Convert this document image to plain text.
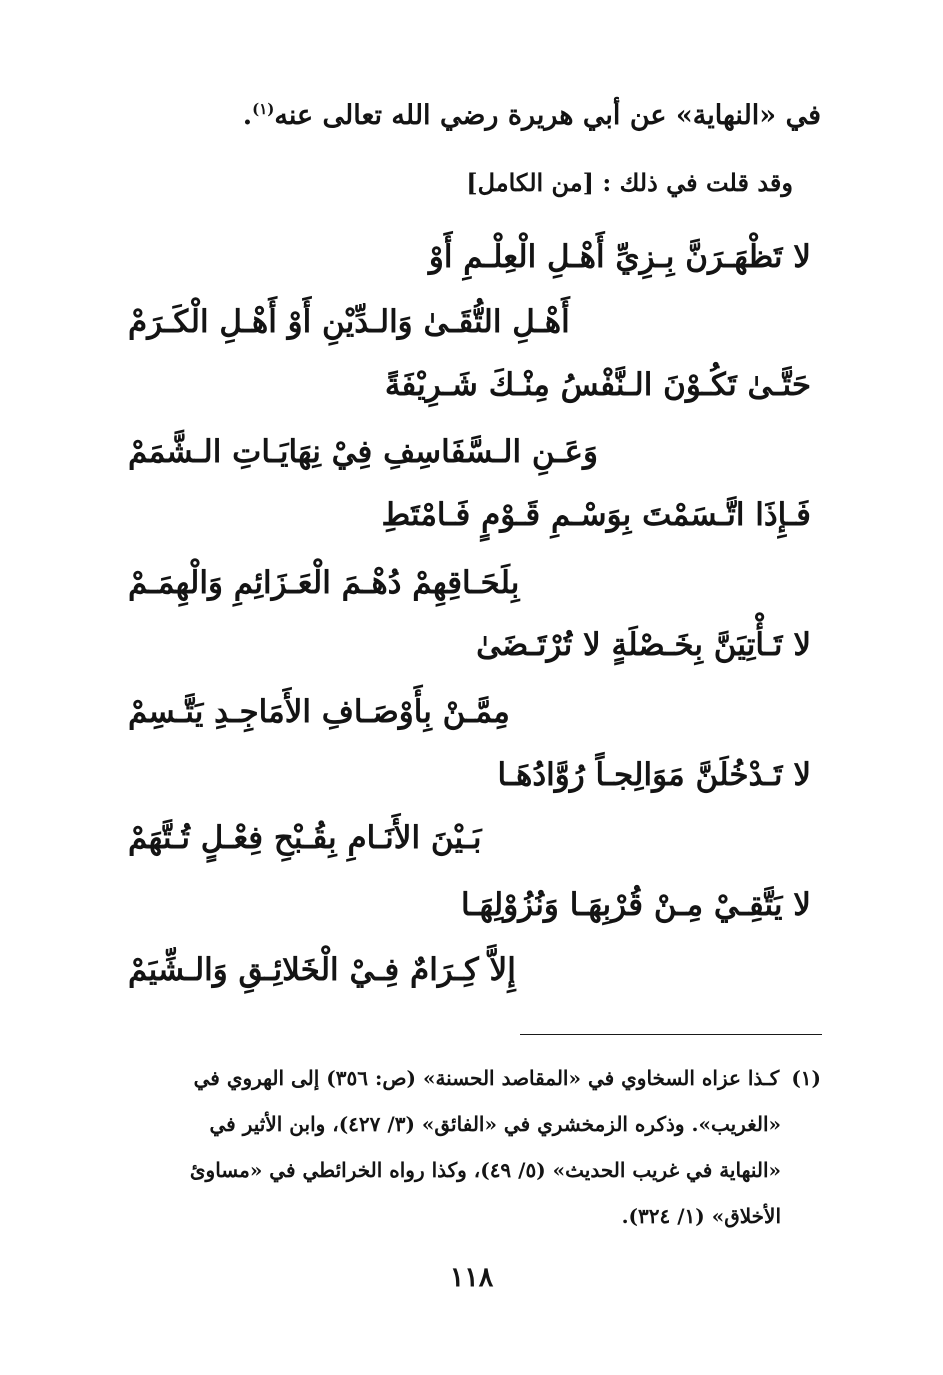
في «النهاية» عن أبي هريرة رضي الله تعالى عنه$^{(١)}$.
وقد قلت في ذلك : [من الكامل]
لا تَظْهَـرَنَّ بِـزِيِّ أَهْـلِ الْعِلْـمِ أَوْ
أَهْـلِ التُّقَـىٰ وَالـدِّيْنِ أَوْ أَهْـلِ الْكَـرَمْ
حَتَّـىٰ تَكُـوْنَ الـنَّفْسُ مِنْـكَ شَـرِيْفَةً
وَعَـنِ الـسَّفَاسِفِ فِيْ نِهَايَـاتِ الـشَّمَمْ
فَـإِذَا اتَّـسَمْتَ بِوَسْـمِ قَـوْمٍ فَـامْتَطِ
بِلَحَـاقِهِمْ دُهْـمَ الْعَـزَائِمِ وَالْهِمَـمْ
لا تَـأْتِيَنَّ بِخَـصْلَةٍ لا تُرْتَـضَىٰ
مِمَّـنْ بِأَوْصَـافِ الأَمَاجِـدِ يَتَّـسِمْ
لا تَـدْخُلَنَّ مَوَالِجـاً رُوَّادُهَـا
بَـيْنَ الأَنَـامِ بِقُـبْحِ فِعْـلٍ تُـتَّهَمْ
لا يَتَّقِـيْ مِـنْ قُرْبِهَـا وَنُزُوْلِهَـا
إِلاَّ كِـرَامٌ فِـيْ الْخَلائِـقِ وَالـشِّيَمْ
(١)كـذا عزاه السخاوي في «المقاصد الحسنة» (ص: ٣٥٦) إلى الهروي في
«الغريب». وذكره الزمخشري في «الفائق» (٣/ ٤٢٧)، وابن الأثير في
«النهاية في غريب الحديث» (٥/ ٤٩)، وكذا رواه الخرائطي في «مساوئ
الأخلاق» (١/ ٣٢٤).
١١٨
